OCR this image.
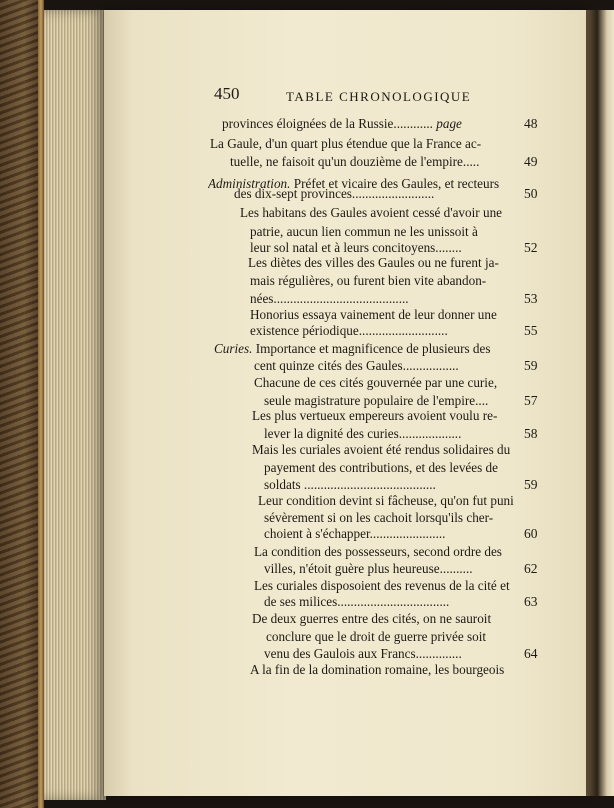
450	TABLE CHRONOLOGIQUE
provinces éloignées de la Russie............ page	48
La Gaule, d'un quart plus étendue que la France ac-
tuelle, ne faisoit qu'un douzième de l'empire.....	49
Administration. Préfet et vicaire des Gaules, et recteurs
des dix-sept provinces.........................	50
Les habitans des Gaules avoient cessé d'avoir une
patrie, aucun lien commun ne les unissoit à
leur sol natal et à leurs concitoyens........	52
Les diètes des villes des Gaules ou ne furent ja-
mais régulières, ou furent bien vite abandon-
nées.........................................	53
Honorius essaya vainement de leur donner une
existence périodique...........................	55
Curies. Importance et magnificence de plusieurs des
cent quinze cités des Gaules.................	59
Chacune de ces cités gouvernée par une curie,
seule magistrature populaire de l'empire....	57
Les plus vertueux empereurs avoient voulu re-
lever la dignité des curies...................	58
Mais les curiales avoient été rendus solidaires du
payement des contributions, et des levées de
soldats ........................................	59
Leur condition devint si fâcheuse, qu'on fut puni
sévèrement si on les cachoit lorsqu'ils cher-
choient à s'échapper.......................	60
La condition des possesseurs, second ordre des
villes, n'étoit guère plus heureuse..........	62
Les curiales disposoient des revenus de la cité et
de ses milices..................................	63
De deux guerres entre des cités, on ne sauroit
conclure que le droit de guerre privée soit
venu des Gaulois aux Francs..............	64
A la fin de la domination romaine, les bourgeois
